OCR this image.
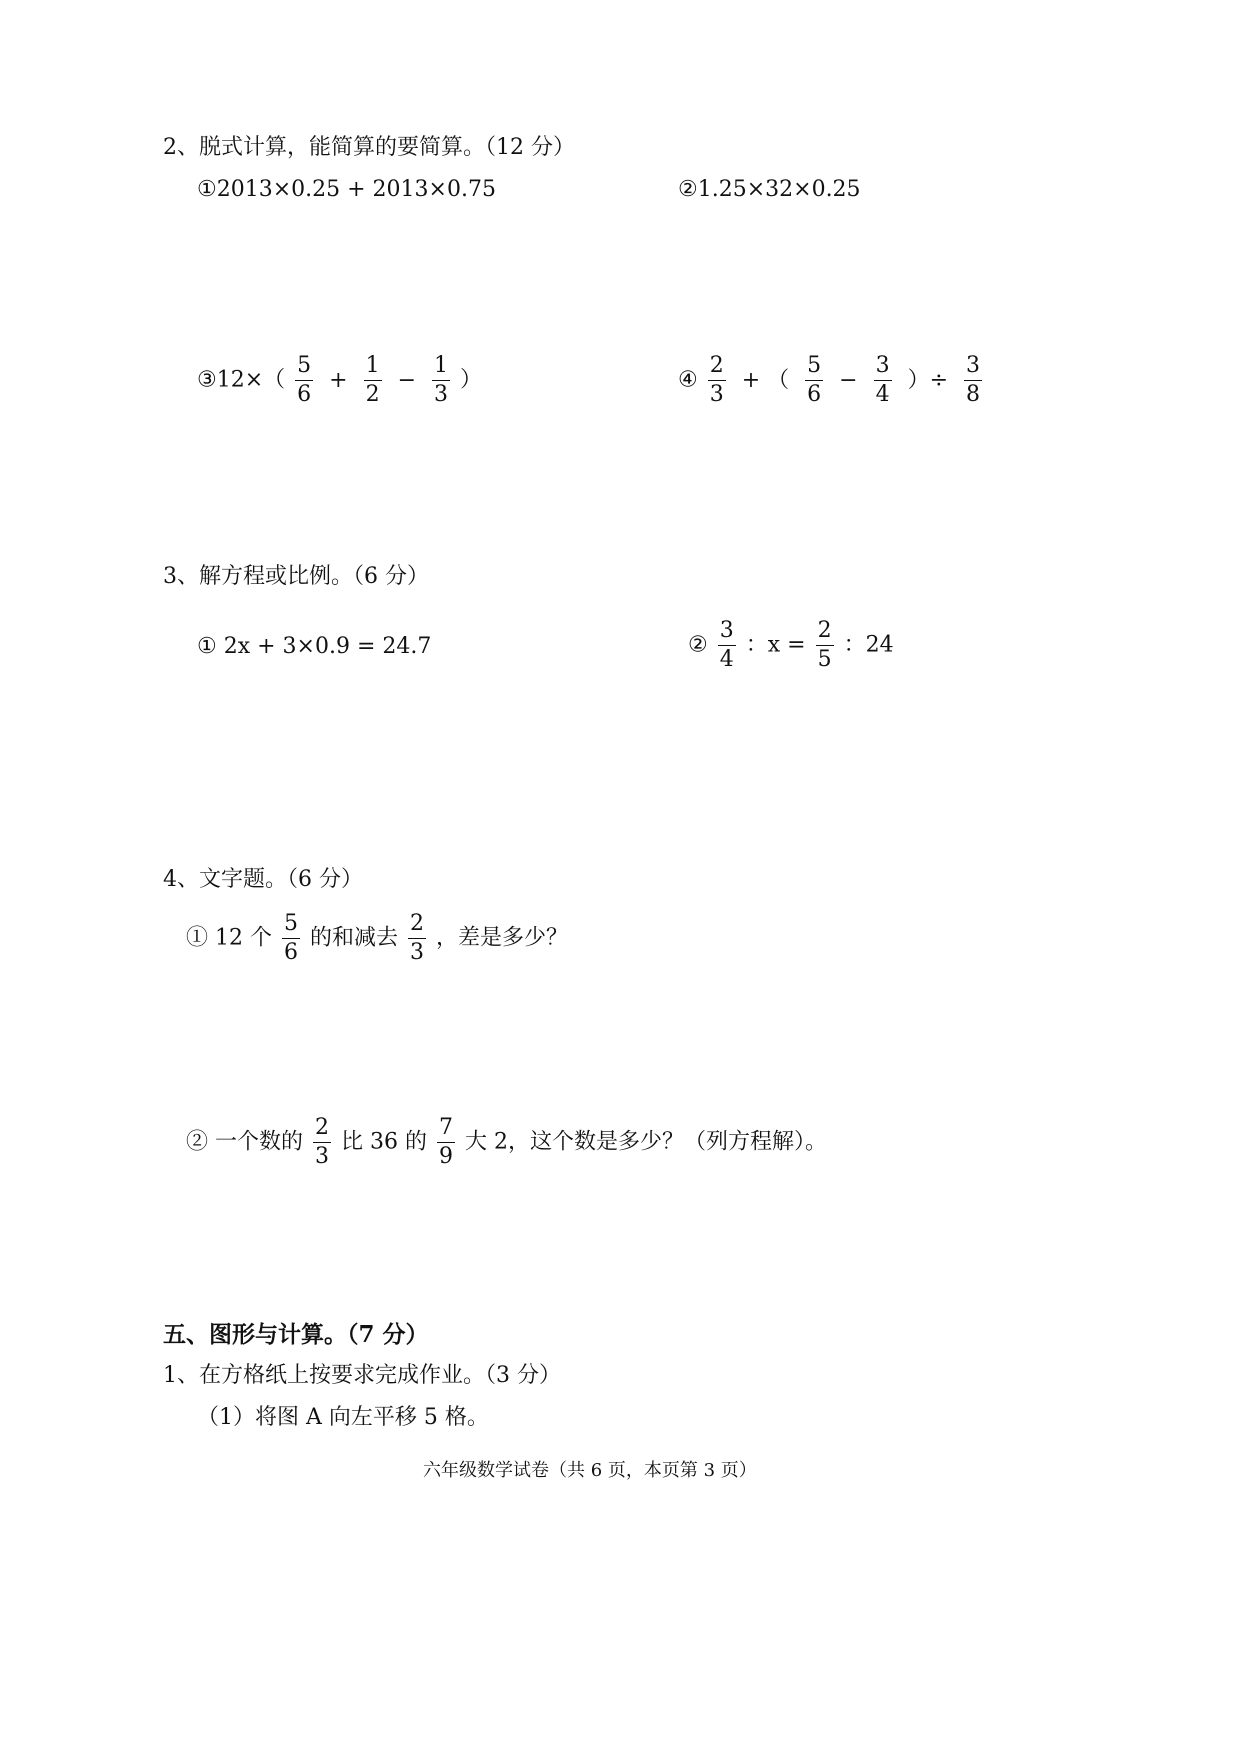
2、脱式计算，能简算的要简算。（12 分）
①2013×0.25 + 2013×0.75	②1.25×32×0.25
③12×（ $\frac{5}{6} + \frac{1}{2} - \frac{1}{3}$ ）	④ $\frac{2}{3}$ + （ $\frac{5}{6} - \frac{3}{4}$ ）÷ $\frac{3}{8}$
3、解方程或比例。（6 分）
① 2x + 3×0.9 = 24.7	② $\frac{3}{4}$ ：$x = \frac{2}{5}$ ：24
4、文字题。（6 分）
① 12 个 $\frac{5}{6}$ 的和减去 $\frac{2}{3}$ ，差是多少？
② 一个数的 $\frac{2}{3}$ 比 36 的 $\frac{7}{9}$ 大 2，这个数是多少？（列方程解）。
五、图形与计算。（7 分）
1、在方格纸上按要求完成作业。（3 分）
（1）将图 A 向左平移 5 格。
六年级数学试卷（共 6 页，本页第 3 页）
